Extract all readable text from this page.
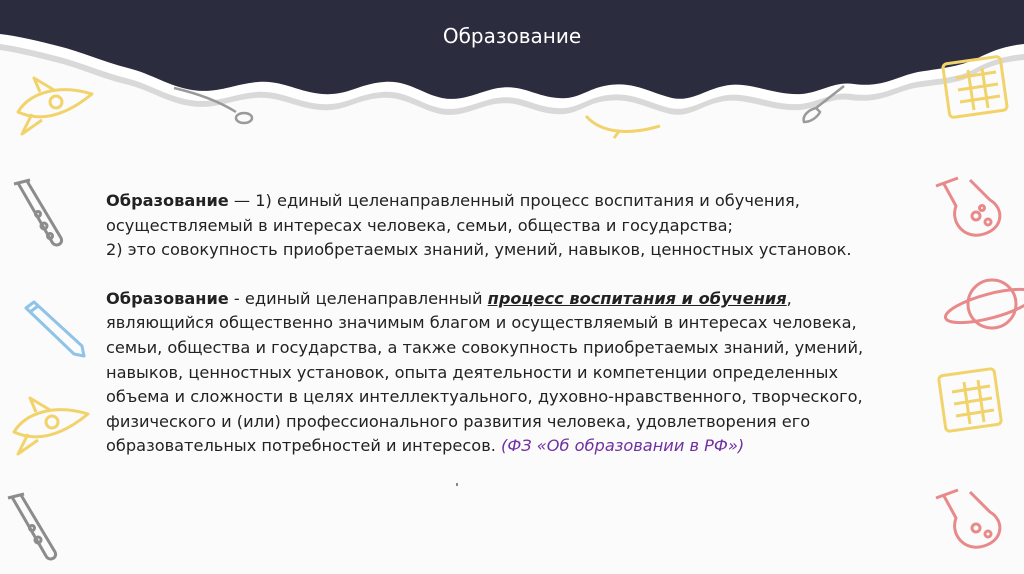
Образование
Образование — 1) единый целенаправленный процесс воспитания и обучения,
осуществляемый в интересах человека, семьи, общества и государства;
2) это совокупность приобретаемых знаний, умений, навыков, ценностных установок.
Образование - единый целенаправленный процесс воспитания и обучения,
являющийся общественно значимым благом и осуществляемый в интересах человека,
семьи, общества и государства, а также совокупность приобретаемых знаний, умений,
навыков, ценностных установок, опыта деятельности и компетенции определенных
объема и сложности в целях интеллектуального, духовно-нравственного, творческого,
физического и (или) профессионального развития человека, удовлетворения его
образовательных потребностей и интересов. (ФЗ «Об образовании в РФ»)
